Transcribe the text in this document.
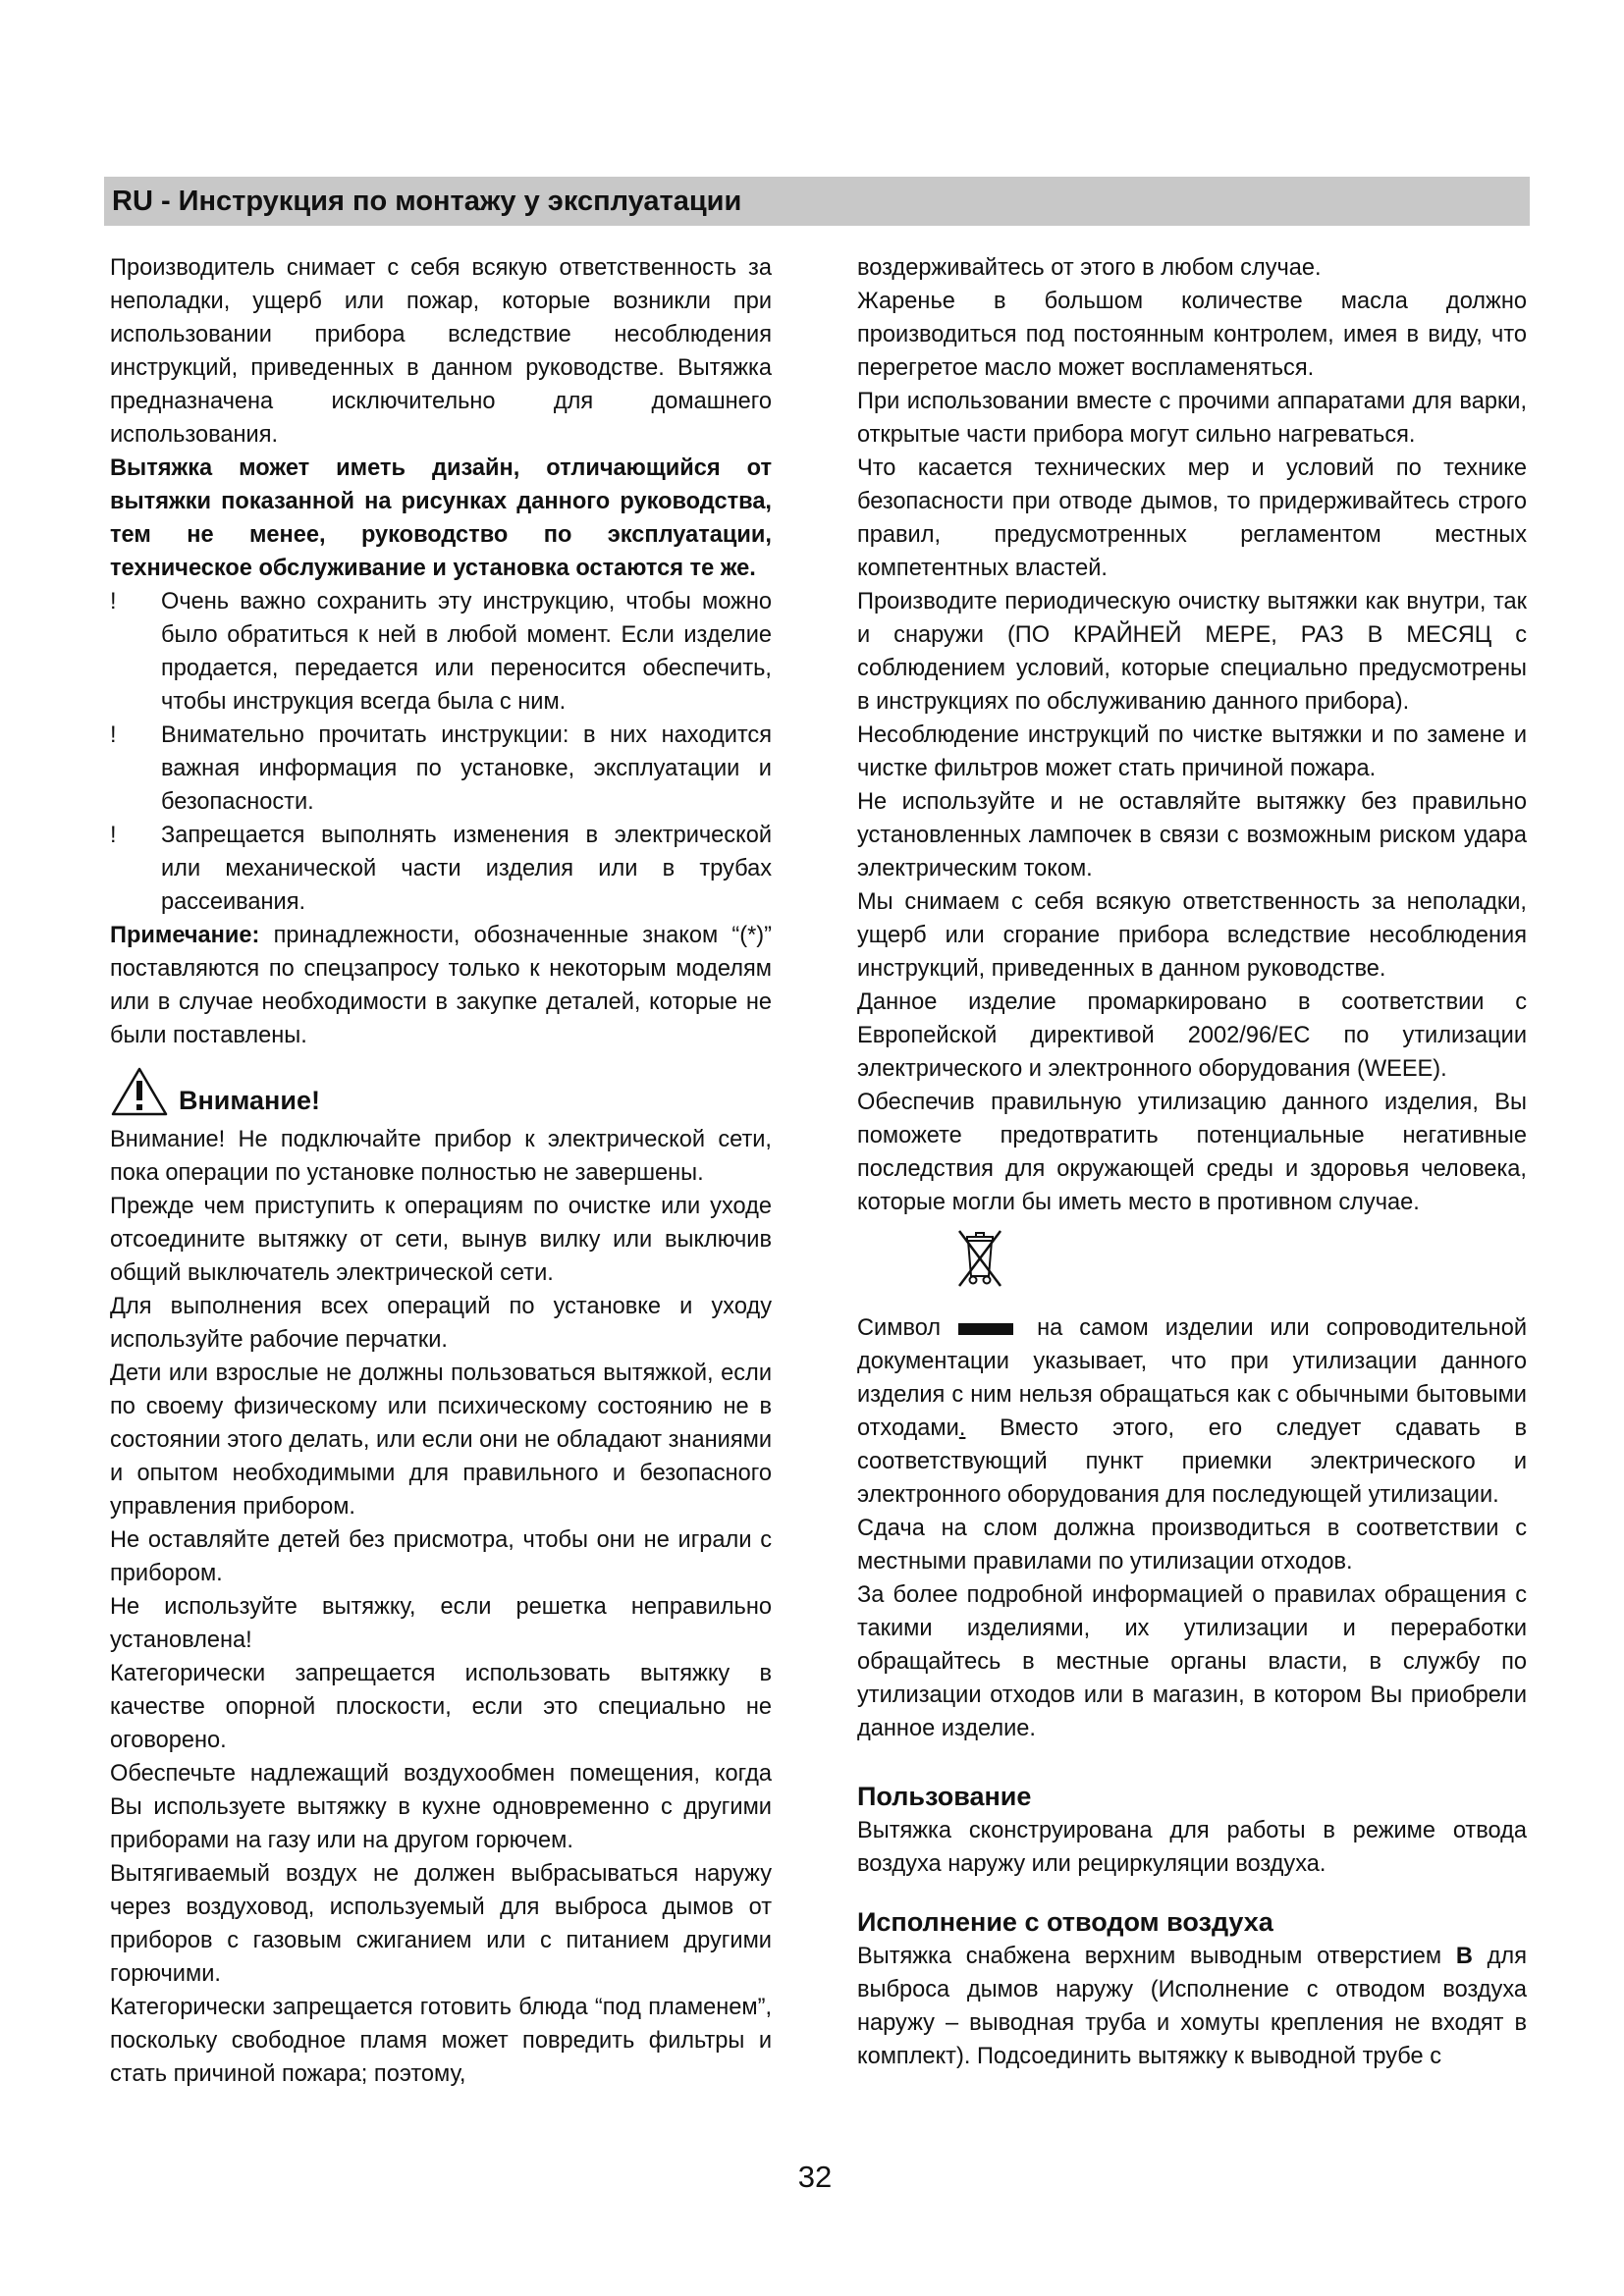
RU - Инструкция по монтажу у эксплуатации

Производитель снимает с себя всякую ответственность за неполадки, ущерб или пожар, которые возникли при использовании прибора вследствие несоблюдения инструкций, приведенных в данном руководстве. Вытяжка предназначена исключительно для домашнего использования.

Вытяжка может иметь дизайн, отличающийся от вытяжки показанной на рисунках данного руководства, тем не менее, руководство по эксплуатации, техническое обслуживание и установка остаются те же.

! Очень важно сохранить эту инструкцию, чтобы можно было обратиться к ней в любой момент. Если изделие продается, передается или переносится обеспечить, чтобы инструкция всегда была с ним.

! Внимательно прочитать инструкции: в них находится важная информация по установке, эксплуатации и безопасности.

! Запрещается выполнять изменения в электрической или механической части изделия или в трубах рассеивания.

Примечание: принадлежности, обозначенные знаком “(*)” поставляются по спецзапросу только к некоторым моделям или в случае необходимости в закупке деталей, которые не были поставлены.

Внимание!

Внимание! Не подключайте прибор к электрической сети, пока операции по установке полностью не завершены.

Прежде чем приступить к операциям по очистке или уходе отсоедините вытяжку от сети, вынув вилку или выключив общий выключатель электрической сети.

Для выполнения всех операций по установке и уходу используйте рабочие перчатки.

Дети или взрослые не должны пользоваться вытяжкой, если по своему физическому или психическому состоянию не в состоянии этого делать, или если они не обладают знаниями и опытом необходимыми для правильного и безопасного управления прибором.

Не оставляйте детей без присмотра, чтобы они не играли с прибором.

Не используйте вытяжку, если решетка неправильно установлена!

Категорически запрещается использовать вытяжку в качестве опорной плоскости, если это специально не оговорено.

Обеспечьте надлежащий воздухообмен помещения, когда Вы используете вытяжку в кухне одновременно с другими приборами на газу или на другом горючем.

Вытягиваемый воздух не должен выбрасываться наружу через воздуховод, используемый для выброса дымов от приборов с газовым сжиганием или с питанием другими горючими.

Категорически запрещается готовить блюда “под пламенем”, поскольку свободное пламя может повредить фильтры и стать причиной пожара; поэтому,

воздерживайтесь от этого в любом случае.

Жаренье в большом количестве масла должно производиться под постоянным контролем, имея в виду, что перегретое масло может воспламеняться.

При использовании вместе с прочими аппаратами для варки, открытые части прибора могут сильно нагреваться.

Что касается технических мер и условий по технике безопасности при отводе дымов, то придерживайтесь строго правил, предусмотренных регламентом местных компетентных властей.

Производите периодическую очистку вытяжки как внутри, так и снаружи (ПО КРАЙНЕЙ МЕРЕ, РАЗ В МЕСЯЦ с соблюдением условий, которые специально предусмотрены в инструкциях по обслуживанию данного прибора).

Несоблюдение инструкций по чистке вытяжки и по замене и чистке фильтров может стать причиной пожара.

Не используйте и не оставляйте вытяжку без правильно установленных лампочек в связи с возможным риском удара электрическим током.

Мы снимаем с себя всякую ответственность за неполадки, ущерб или сгорание прибора вследствие несоблюдения инструкций, приведенных в данном руководстве.

Данное изделие промаркировано в соответствии с Европейской директивой 2002/96/EC по утилизации электрического и электронного оборудования (WEEE).

Обеспечив правильную утилизацию данного изделия, Вы поможете предотвратить потенциальные негативные последствия для окружающей среды и здоровья человека, которые могли бы иметь место в противном случае.

Символ	на самом изделии или сопроводительной документации указывает, что при утилизации данного изделия с ним нельзя обращаться как с обычными бытовыми отходами. Вместо этого, его следует сдавать в соответствующий пункт приемки электрического и электронного оборудования для последующей утилизации.

Сдача на слом должна производиться в соответствии с местными правилами по утилизации отходов.

За более подробной информацией о правилах обращения с такими изделиями, их утилизации и переработки обращайтесь в местные органы власти, в службу по утилизации отходов или в магазин, в котором Вы приобрели данное изделие.

Пользование

Вытяжка сконструирована для работы в режиме отвода воздуха наружу или рециркуляции воздуха.

Исполнение с отводом воздуха

Вытяжка снабжена верхним выводным отверстием B для выброса дымов наружу (Исполнение с отводом воздуха наружу – выводная труба и хомуты крепления не входят в комплект). Подсоединить вытяжку к выводной трубе с

32
